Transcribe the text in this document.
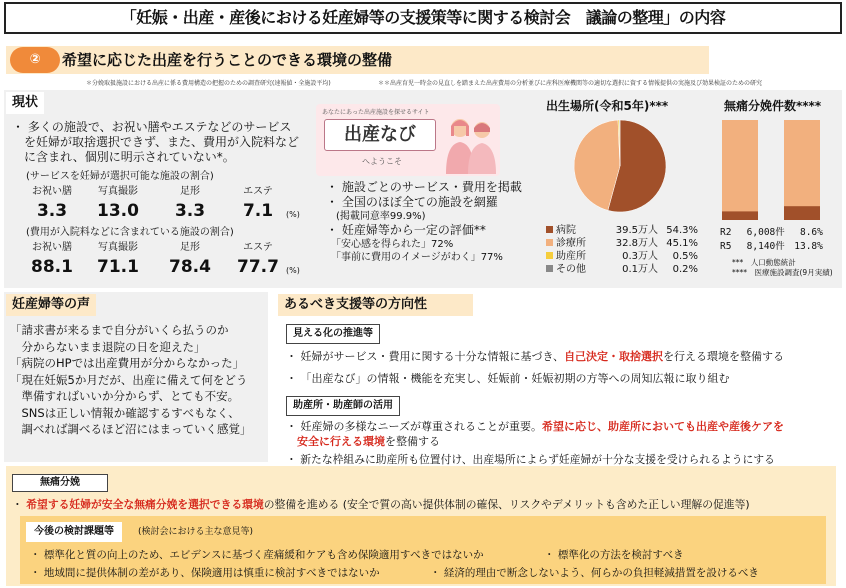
「妊娠・出産・産後における妊産婦等の支援策等に関する検討会　議論の整理」の内容
②	希望に応じた出産を行うことのできる環境の整備
＊分娩取扱施設における出産に係る費用構造の把握のための調査研究(速報値・全施設平均)	＊＊出産育児一時金の見直しを踏まえた出産費用の分析並びに産科医療機関等の適切な選択に資する情報提供の実施及び効果検証のための研究
現状
・ 多くの施設で、お祝い膳やエステなどのサービス
　を妊婦が取捨選択できず、また、費用が入院料など
　に含まれ、個別に明示されていない*。
(サービスを妊婦が選択可能な施設の割合)
お祝い膳	写真撮影	足形	エステ
3.3	13.0	3.3	7.1	(%)
(費用が入院料などに含まれている施設の割合)
お祝い膳	写真撮影	足形	エステ
88.1	71.1	78.4	77.7 (%)
あなたにあった出産施設を探せるサイト
出産なび
へようこそ
・ 施設ごとのサービス・費用を掲載
・ 全国のほぼ全ての施設を網羅
　(掲載同意率99.9%)
・ 妊産婦等から一定の評価**
　「安心感を得られた」72%
　「事前に費用のイメージがわく」77%
出生場所(令和5年)***
病院	39.5万人 54.3%
診療所	32.8万人 45.1%
助産所	0.3万人 0.5%
その他	0.1万人 0.2%
無痛分娩件数****
R2　 6,008件　 8.6%
R5　 8,140件　13.8%
***　人口動態統計
****　医療施設調査(9月実績)
妊産婦等の声
「請求書が来るまで自分がいくら払うのか
　分からないまま退院の日を迎えた」
「病院のHPでは出産費用が分からなかった」
「現在妊娠5か月だが、出産に備えて何をどう
　準備すればいいか分からず、とても不安。
　SNSは正しい情報か確認するすべもなく、
　調べれば調べるほど沼にはまっていく感覚」
あるべき支援等の方向性
見える化の推進等
・ 妊婦がサービス・費用に関する十分な情報に基づき、自己決定・取捨選択を行える環境を整備する
・ 「出産なび」の情報・機能を充実し、妊娠前・妊娠初期の方等への周知広報に取り組む
助産所・助産師の活用
・ 妊産婦の多様なニーズが尊重されることが重要。希望に応じ、助産所においても出産や産後ケアを
　安全に行える環境を整備する
・ 新たな枠組みに助産所も位置付け、出産場所によらず妊産婦が十分な支援を受けられるようにする
無痛分娩
・ 希望する妊婦が安全な無痛分娩を選択できる環境の整備を進める (安全で質の高い提供体制の確保、リスクやデメリットも含めた正しい理解の促進等)
今後の検討課題等	(検討会における主な意見等)
・ 標準化と質の向上のため、エビデンスに基づく産痛緩和ケアも含め保険適用すべきではないか	・ 標準化の方法を検討すべき
・ 地域間に提供体制の差があり、保険適用は慎重に検討すべきではないか	・ 経済的理由で断念しないよう、何らかの負担軽減措置を設けるべき
